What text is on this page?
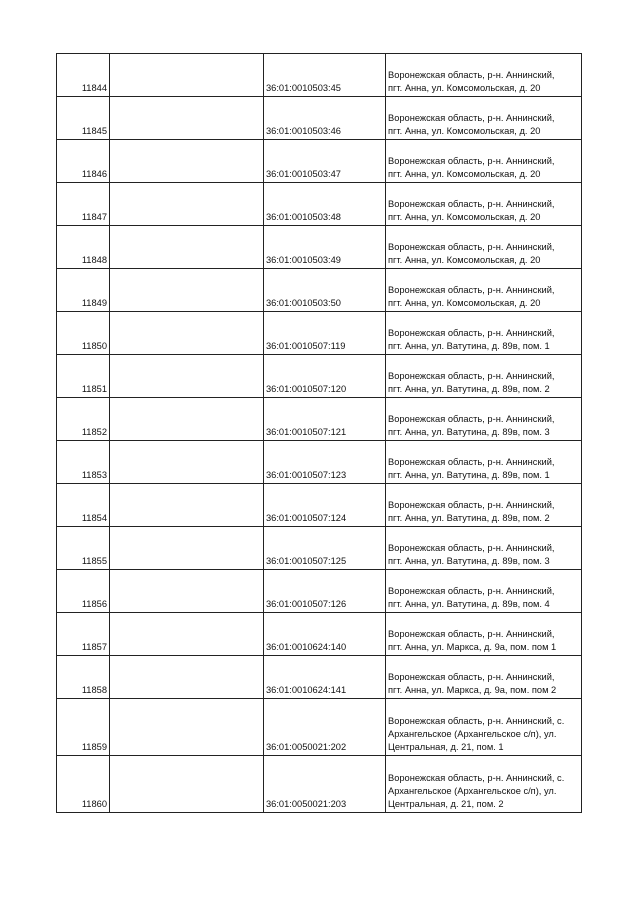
11844		36:01:0010503:45	Воронежская область, р-н. Аннинский,
пгт. Анна, ул. Комсомольская, д. 20

11845		36:01:0010503:46	Воронежская область, р-н. Аннинский,
пгт. Анна, ул. Комсомольская, д. 20

11846		36:01:0010503:47	Воронежская область, р-н. Аннинский,
пгт. Анна, ул. Комсомольская, д. 20

11847		36:01:0010503:48	Воронежская область, р-н. Аннинский,
пгт. Анна, ул. Комсомольская, д. 20

11848		36:01:0010503:49	Воронежская область, р-н. Аннинский,
пгт. Анна, ул. Комсомольская, д. 20

11849		36:01:0010503:50	Воронежская область, р-н. Аннинский,
пгт. Анна, ул. Комсомольская, д. 20

11850		36:01:0010507:119	Воронежская область, р-н. Аннинский,
пгт. Анна, ул. Ватутина, д. 89в, пом. 1

11851		36:01:0010507:120	Воронежская область, р-н. Аннинский,
пгт. Анна, ул. Ватутина, д. 89в, пом. 2

11852		36:01:0010507:121	Воронежская область, р-н. Аннинский,
пгт. Анна, ул. Ватутина, д. 89в, пом. 3

11853		36:01:0010507:123	Воронежская область, р-н. Аннинский,
пгт. Анна, ул. Ватутина, д. 89в, пом. 1

11854		36:01:0010507:124	Воронежская область, р-н. Аннинский,
пгт. Анна, ул. Ватутина, д. 89в, пом. 2

11855		36:01:0010507:125	Воронежская область, р-н. Аннинский,
пгт. Анна, ул. Ватутина, д. 89в, пом. 3

11856		36:01:0010507:126	Воронежская область, р-н. Аннинский,
пгт. Анна, ул. Ватутина, д. 89в, пом. 4

11857		36:01:0010624:140	Воронежская область, р-н. Аннинский,
пгт. Анна, ул. Маркса, д. 9а, пом. пом 1

11858		36:01:0010624:141	Воронежская область, р-н. Аннинский,
пгт. Анна, ул. Маркса, д. 9а, пом. пом 2

11859		36:01:0050021:202	Воронежская область, р-н. Аннинский, с.
Архангельское (Архангельское с/п), ул.
Центральная, д. 21, пом. 1

11860		36:01:0050021:203	Воронежская область, р-н. Аннинский, с.
Архангельское (Архангельское с/п), ул.
Центральная, д. 21, пом. 2
